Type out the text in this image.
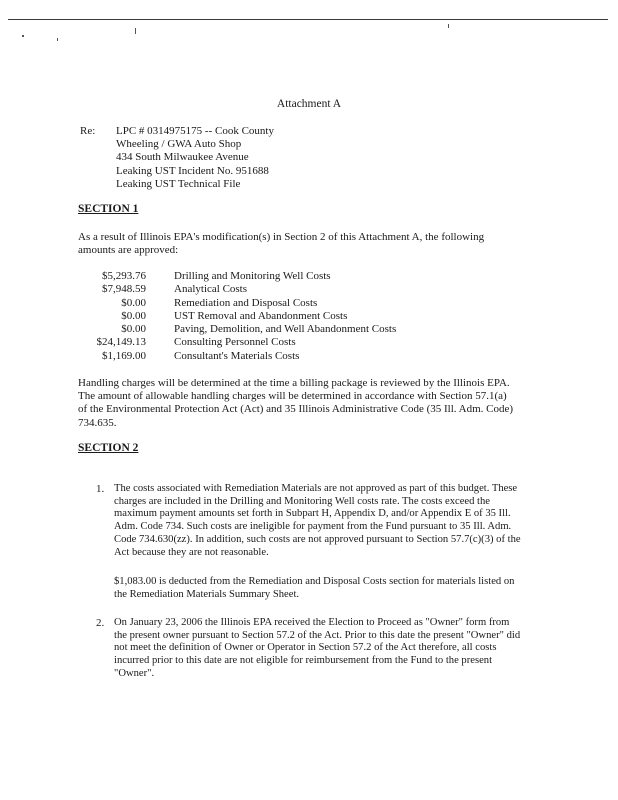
Attachment A
Re: LPC # 0314975175 -- Cook County
Wheeling / GWA Auto Shop
434 South Milwaukee Avenue
Leaking UST Incident No. 951688
Leaking UST Technical File
SECTION 1
As a result of Illinois EPA's modification(s) in Section 2 of this Attachment A, the following amounts are approved:
$5,293.76	Drilling and Monitoring Well Costs
$7,948.59	Analytical Costs
$0.00	Remediation and Disposal Costs
$0.00	UST Removal and Abandonment Costs
$0.00	Paving, Demolition, and Well Abandonment Costs
$24,149.13	Consulting Personnel Costs
$1,169.00	Consultant's Materials Costs
Handling charges will be determined at the time a billing package is reviewed by the Illinois EPA. The amount of allowable handling charges will be determined in accordance with Section 57.1(a) of the Environmental Protection Act (Act) and 35 Illinois Administrative Code (35 Ill. Adm. Code) 734.635.
SECTION 2
1. The costs associated with Remediation Materials are not approved as part of this budget. These charges are included in the Drilling and Monitoring Well costs rate. The costs exceed the maximum payment amounts set forth in Subpart H, Appendix D, and/or Appendix E of 35 Ill. Adm. Code 734. Such costs are ineligible for payment from the Fund pursuant to 35 Ill. Adm. Code 734.630(zz). In addition, such costs are not approved pursuant to Section 57.7(c)(3) of the Act because they are not reasonable.
$1,083.00 is deducted from the Remediation and Disposal Costs section for materials listed on the Remediation Materials Summary Sheet.
2. On January 23, 2006 the Illinois EPA received the Election to Proceed as "Owner" form from the present owner pursuant to Section 57.2 of the Act. Prior to this date the present "Owner" did not meet the definition of Owner or Operator in Section 57.2 of the Act therefore, all costs incurred prior to this date are not eligible for reimbursement from the Fund to the present "Owner".
